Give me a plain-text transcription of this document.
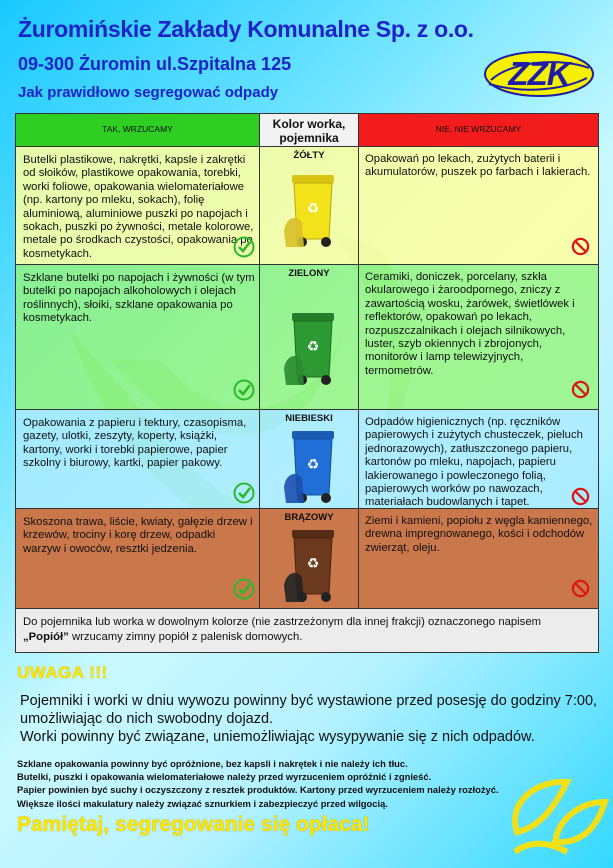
Żuromińskie Zakłady Komunalne Sp. z o.o.
09-300 Żuromin ul.Szpitalna 125
Jak prawidłowo segregować odpady
ZZK
TAK, WRZUCAMY	Kolor worka, pojemnika
NIE, NIE WRZUCAMY
Butelki plastikowe, nakrętki, kapsle i zakrętki od słoików, plastikowe opakowania, torebki, worki foliowe, opakowania wielomateriałowe (np. kartony po mleku, sokach), folię aluminiową, aluminiowe puszki po napojach i sokach, puszki po żywności, metale kolorowe, metale po środkach czystości, opakowania po kosmetykach.
ŻÓŁTY
♻
Opakowań po lekach, zużytych baterii i akumulatorów, puszek po farbach i lakierach.
Szklane butelki po napojach i żywności (w tym butelki po napojach alkoholowych i olejach roślinnych), słoiki, szklane opakowania po kosmetykach.
ZIELONY
♻
Ceramiki, doniczek, porcelany, szkła okularowego i żaroodpornego, zniczy z zawartością wosku, żarówek, świetlówek i reflektorów, opakowań po lekach, rozpuszczalnikach i olejach silnikowych, luster, szyb okiennych i zbrojonych, monitorów i lamp telewizyjnych, termometrów.
Opakowania z papieru i tektury, czasopisma, gazety, ulotki, zeszyty, koperty, książki, kartony, worki i torebki papierowe, papier szkolny i biurowy, kartki, papier pakowy.
NIEBIESKI
♻
Odpadów higienicznych (np. ręczników papierowych i zużytych chusteczek, pieluch jednorazowych), zatłuszczonego papieru, kartonów po mleku, napojach, papieru lakierowanego i powleczonego folią, papierowych worków po nawozach, materiałach budowlanych i tapet.
Skoszona trawa, liście, kwiaty, gałęzie drzew i krzewów, trociny i korę drzew, odpadki warzyw i owoców, resztki jedzenia.
BRĄZOWY
♻
Ziemi i kamieni, popiołu z węgla kamiennego, drewna impregnowanego, kości i odchodów zwierząt, oleju.
Do pojemnika lub worka w dowolnym kolorze (nie zastrzeżonym dla innej frakcji) oznaczonego napisem „Popiół” wrzucamy zimny popiół z palenisk domowych.
UWAGA !!!
Pojemniki i worki w dniu wywozu powinny być wystawione przed posesję do godziny 7:00, umożliwiając do nich swobodny dojazd.
Worki powinny być związane, uniemożliwiając wysypywanie się z nich odpadów.
Szklane opakowania powinny być opróżnione, bez kapsli i nakrętek i nie należy ich tłuc.
Butelki, puszki i opakowania wielomateriałowe należy przed wyrzuceniem opróżnić i zgnieść.
Papier powinien być suchy i oczyszczony z resztek produktów. Kartony przed wyrzuceniem należy rozłożyć.
Większe ilości makulatury należy związać sznurkiem i zabezpieczyć przed wilgocią.
Pamiętaj, segregowanie się opłaca!
